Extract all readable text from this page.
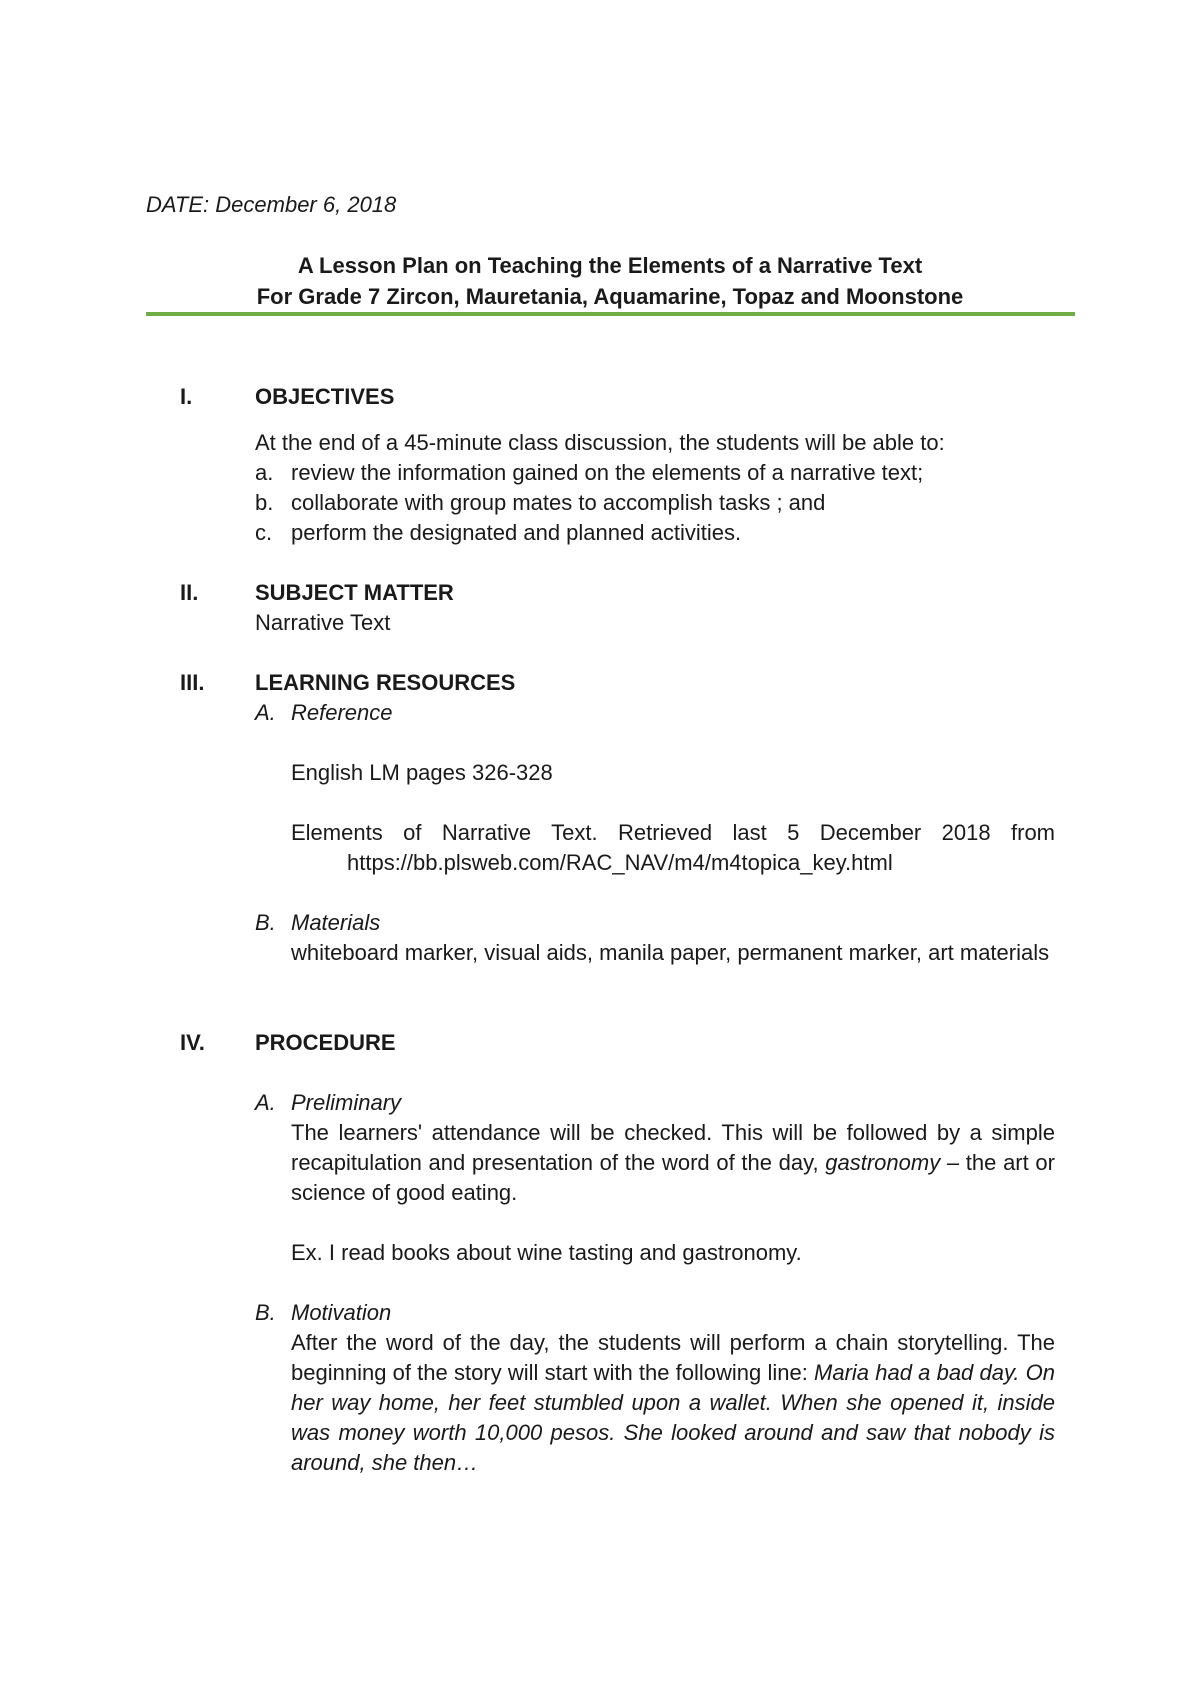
DATE: December 6, 2018
A Lesson Plan on Teaching the Elements of a Narrative Text
For Grade 7 Zircon, Mauretania, Aquamarine, Topaz and Moonstone
I.	OBJECTIVES
At the end of a 45-minute class discussion, the students will be able to:
a. review the information gained on the elements of a narrative text;
b. collaborate with group mates to accomplish tasks ; and
c. perform the designated and planned activities.
II.	SUBJECT MATTER
Narrative Text
III. LEARNING RESOURCES
A. Reference
English LM pages 326-328
Elements of Narrative Text. Retrieved last 5 December 2018 from
https://bb.plsweb.com/RAC_NAV/m4/m4topica_key.html
B. Materials
whiteboard marker, visual aids, manila paper, permanent marker, art materials
IV. PROCEDURE
A. Preliminary
The learners' attendance will be checked. This will be followed by a simple recapitulation and presentation of the word of the day, gastronomy – the art or science of good eating.
Ex. I read books about wine tasting and gastronomy.
B. Motivation
After the word of the day, the students will perform a chain storytelling. The beginning of the story will start with the following line: Maria had a bad day. On her way home, her feet stumbled upon a wallet. When she opened it, inside was money worth 10,000 pesos. She looked around and saw that nobody is around, she then…
